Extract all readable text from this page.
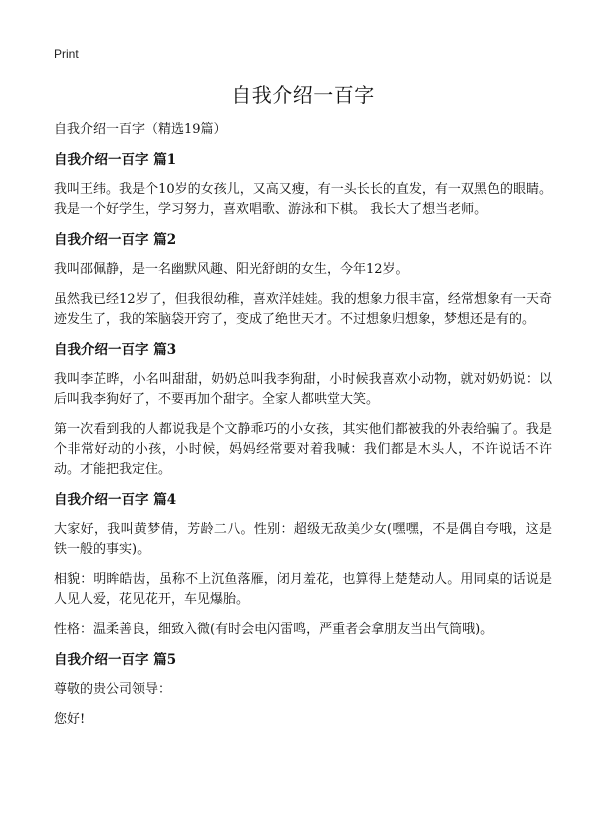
Print
自我介绍一百字

自我介绍一百字（精选19篇）

自我介绍一百字 篇1

我叫王纬。我是个10岁的女孩儿，又高又瘦，有一头长长的直发，有一双黑色的眼睛。我是一个好学生，学习努力，喜欢唱歌、游泳和下棋。 我长大了想当老师。

自我介绍一百字 篇2

我叫邵佩静，是一名幽默风趣、阳光舒朗的女生，今年12岁。

虽然我已经12岁了，但我很幼稚，喜欢洋娃娃。我的想象力很丰富，经常想象有一天奇迹发生了，我的笨脑袋开窍了，变成了绝世天才。不过想象归想象，梦想还是有的。

自我介绍一百字 篇3

我叫李芷晔，小名叫甜甜，奶奶总叫我李狗甜，小时候我喜欢小动物，就对奶奶说：以后叫我李狗好了，不要再加个甜字。全家人都哄堂大笑。

第一次看到我的人都说我是个文静乖巧的小女孩，其实他们都被我的外表给骗了。我是个非常好动的小孩，小时候，妈妈经常要对着我喊：我们都是木头人，不许说话不许动。才能把我定住。

自我介绍一百字 篇4

大家好，我叫黄梦倩，芳龄二八。性别：超级无敌美少女(嘿嘿，不是偶自夸哦，这是铁一般的事实)。

相貌：明眸皓齿，虽称不上沉鱼落雁，闭月羞花，也算得上楚楚动人。用同桌的话说是人见人爱，花见花开，车见爆胎。

性格：温柔善良，细致入微(有时会电闪雷鸣，严重者会拿朋友当出气筒哦)。

自我介绍一百字 篇5

尊敬的贵公司领导：

您好!
